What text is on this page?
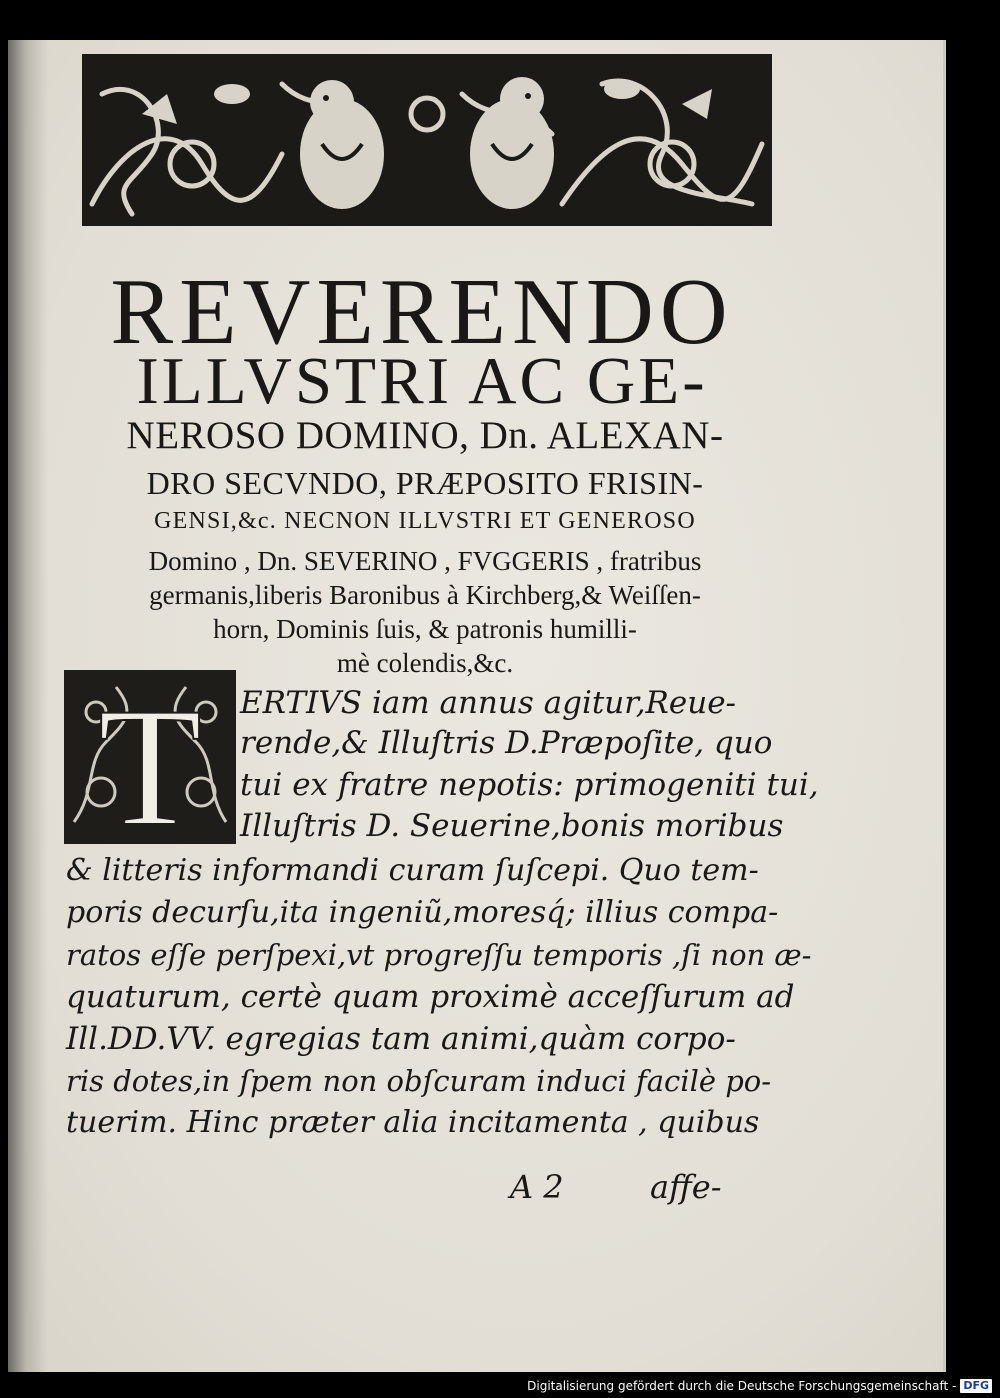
REVERENDO
ILLVSTRI AC GE-
NEROSO DOMINO, Dn. ALEXAN-
DRO SECVNDO, PRÆPOSITO FRISIN-
GENSI,&c. NECNON ILLVSTRI ET GENEROSO
Domino , Dn. SEVERINO , FVGGERIS , fratribus
germanis,liberis Baronibus à Kirchberg,& Weiſſen-
horn, Dominis ſuis, & patronis humilli-
mè colendis,&c.
T ERTIVS iam annus agitur,Reue-
rende,& Illuſtris D.Præpoſite, quo
tui ex fratre nepotis: primogeniti tui,
Illuſtris D. Seuerine,bonis moribus
& litteris informandi curam ſuſcepi. Quo tem-
poris decurſu,ita ingeniũ,moresq́; illius compa-
ratos eſſe perſpexi,vt progreſſu temporis ,ſi non æ-
quaturum, certè quam proximè acceſſurum ad
Ill.DD.VV. egregias tam animi,quàm corpo-
ris dotes,in ſpem non obſcuram induci facilè po-
tuerim. Hinc præter alia incitamenta , quibus
A 2	affe-
Digitalisierung gefördert durch die Deutsche Forschungsgemeinschaft - DFG
